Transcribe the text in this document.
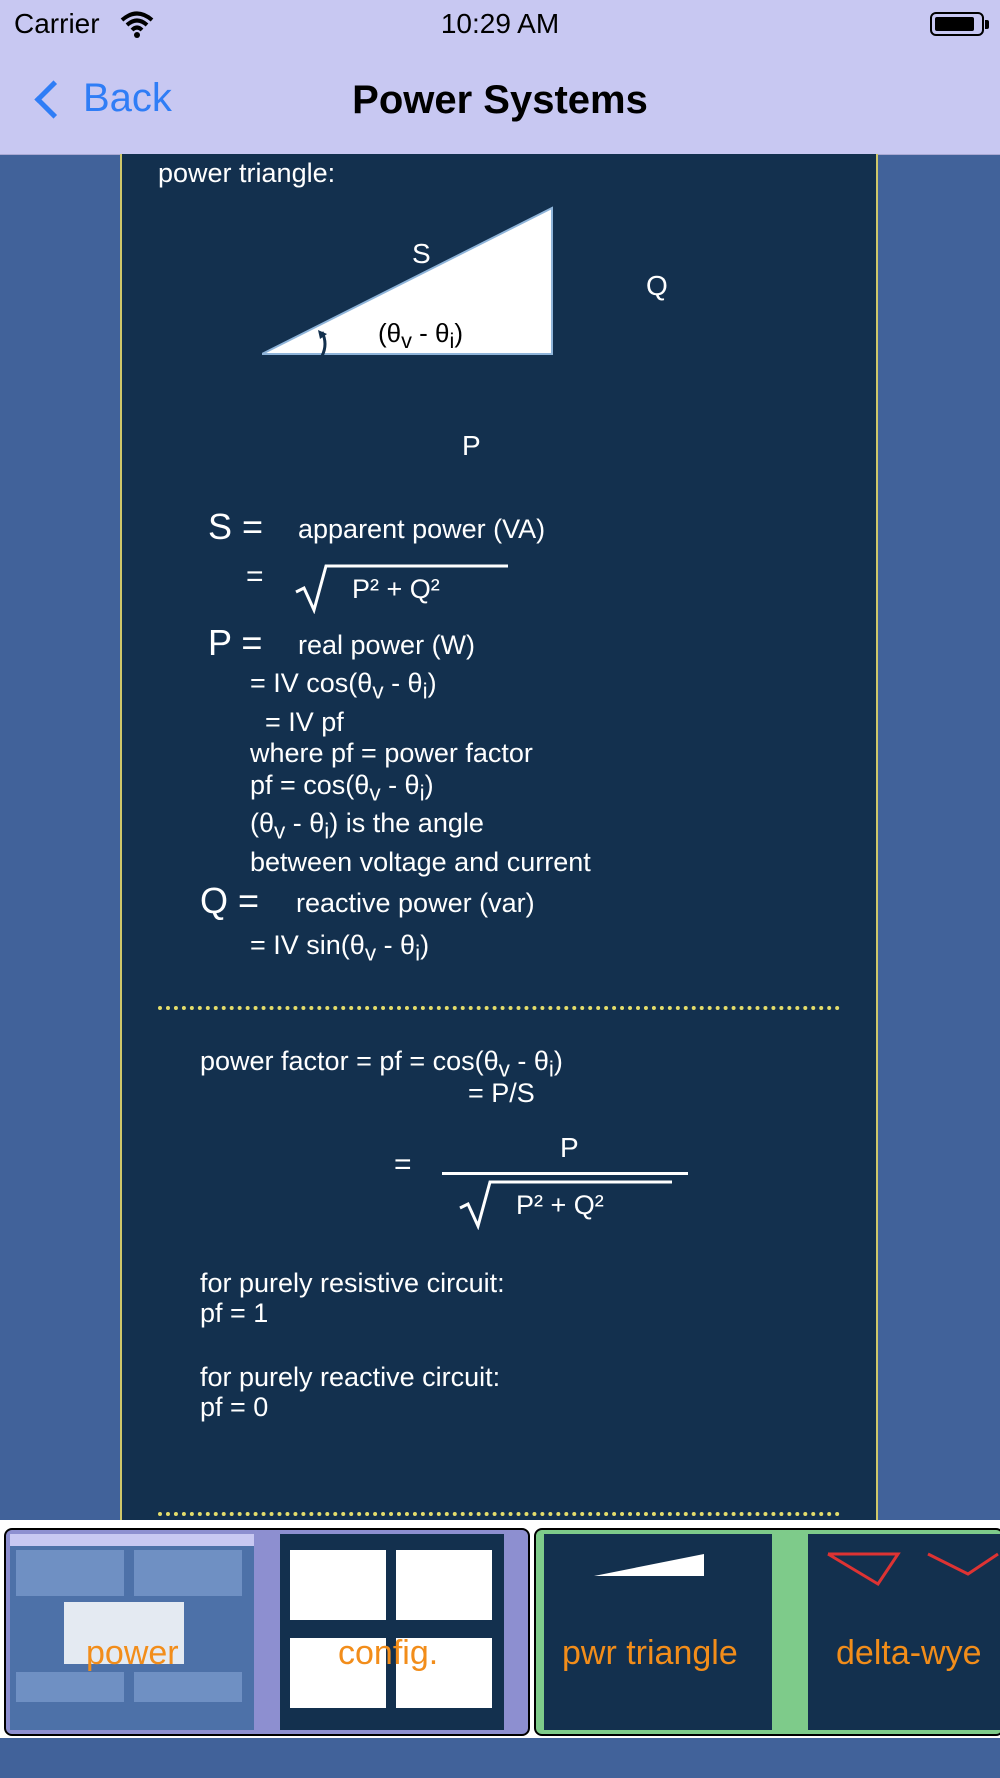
Carrier	10:29 AM
Back	Power Systems
power triangle:
S
Q
P
$(\theta_v - \theta_i)$
S = apparent power (VA)
=	P² + Q²
P = real power (W)
= IV $\cos(\theta_v - \theta_i)$
= IV pf
where pf = power factor
pf = $\cos(\theta_v - \theta_i)$
$(\theta_v - \theta_i)$ is the angle
between voltage and current
Q = reactive power (var)
= IV $\sin(\theta_v - \theta_i)$
power factor = pf = $\cos(\theta_v - \theta_i)$
= P/S
=
P
P² + Q²
for purely resistive circuit:
pf = 1
for purely reactive circuit:
pf = 0
power	config.	pwr triangle	delta-wye
